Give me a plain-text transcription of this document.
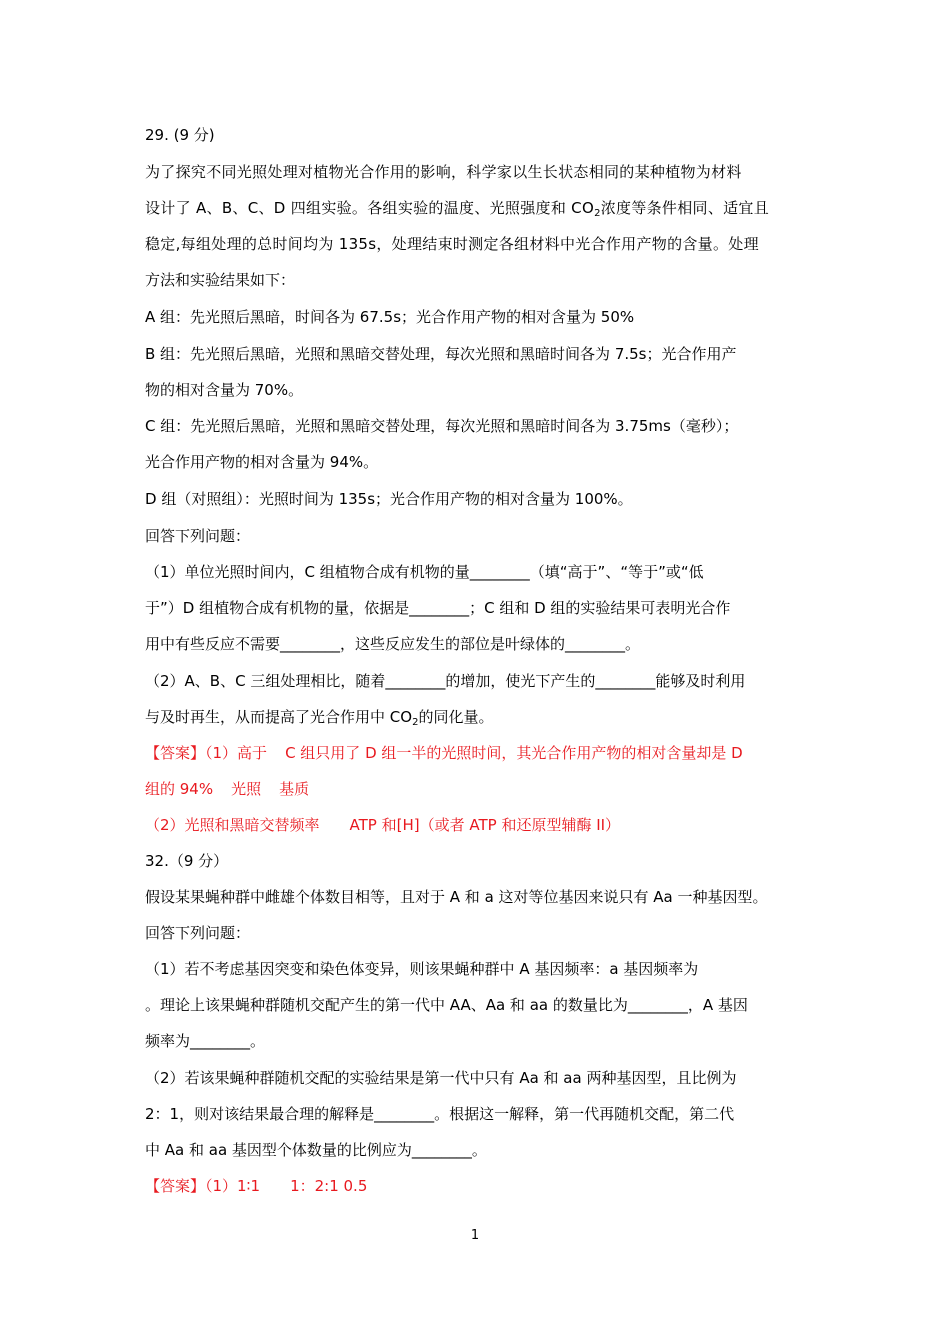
29. (9 分)
为了探究不同光照处理对植物光合作用的影响，科学家以生长状态相同的某种植物为材料
设计了 A、B、C、D 四组实验。各组实验的温度、光照强度和 $CO_2$浓度等条件相同、适宜且
稳定,每组处理的总时间均为 135s，处理结束时测定各组材料中光合作用产物的含量。处理
方法和实验结果如下：
A 组：先光照后黑暗，时间各为 67.5s；光合作用产物的相对含量为 50%
B 组：先光照后黑暗，光照和黑暗交替处理，每次光照和黑暗时间各为 7.5s；光合作用产
物的相对含量为 70%。
C 组：先光照后黑暗，光照和黑暗交替处理，每次光照和黑暗时间各为 3.75ms（毫秒）；
光合作用产物的相对含量为 94%。
D 组（对照组）：光照时间为 135s；光合作用产物的相对含量为 100%。
回答下列问题：
（1）单位光照时间内，C 组植物合成有机物的量________（填“高于”、“等于”或“低
于”）D 组植物合成有机物的量，依据是________；C 组和 D 组的实验结果可表明光合作
用中有些反应不需要________，这些反应发生的部位是叶绿体的________。
（2）A、B、C 三组处理相比，随着________的增加，使光下产生的________能够及时利用
与及时再生，从而提高了光合作用中 $CO_2$的同化量。
【答案】（1）高于 C 组只用了 D 组一半的光照时间，其光合作用产物的相对含量却是 D
组的 94% 光照 基质
（2）光照和黑暗交替频率 ATP 和[H]（或者 ATP 和还原型辅酶 II）
32.（9 分）
假设某果蝇种群中雌雄个体数目相等，且对于 A 和 a 这对等位基因来说只有 Aa 一种基因型。
回答下列问题：
（1）若不考虑基因突变和染色体变异，则该果蝇种群中 A 基因频率：a 基因频率为
。理论上该果蝇种群随机交配产生的第一代中 AA、Aa 和 aa 的数量比为________，A 基因
频率为________。
（2）若该果蝇种群随机交配的实验结果是第一代中只有 Aa 和 aa 两种基因型，且比例为
2：1，则对该结果最合理的解释是________。根据这一解释，第一代再随机交配，第二代
中 Aa 和 aa 基因型个体数量的比例应为________。
【答案】（1）1∶1 1：2:1 0.5
1
